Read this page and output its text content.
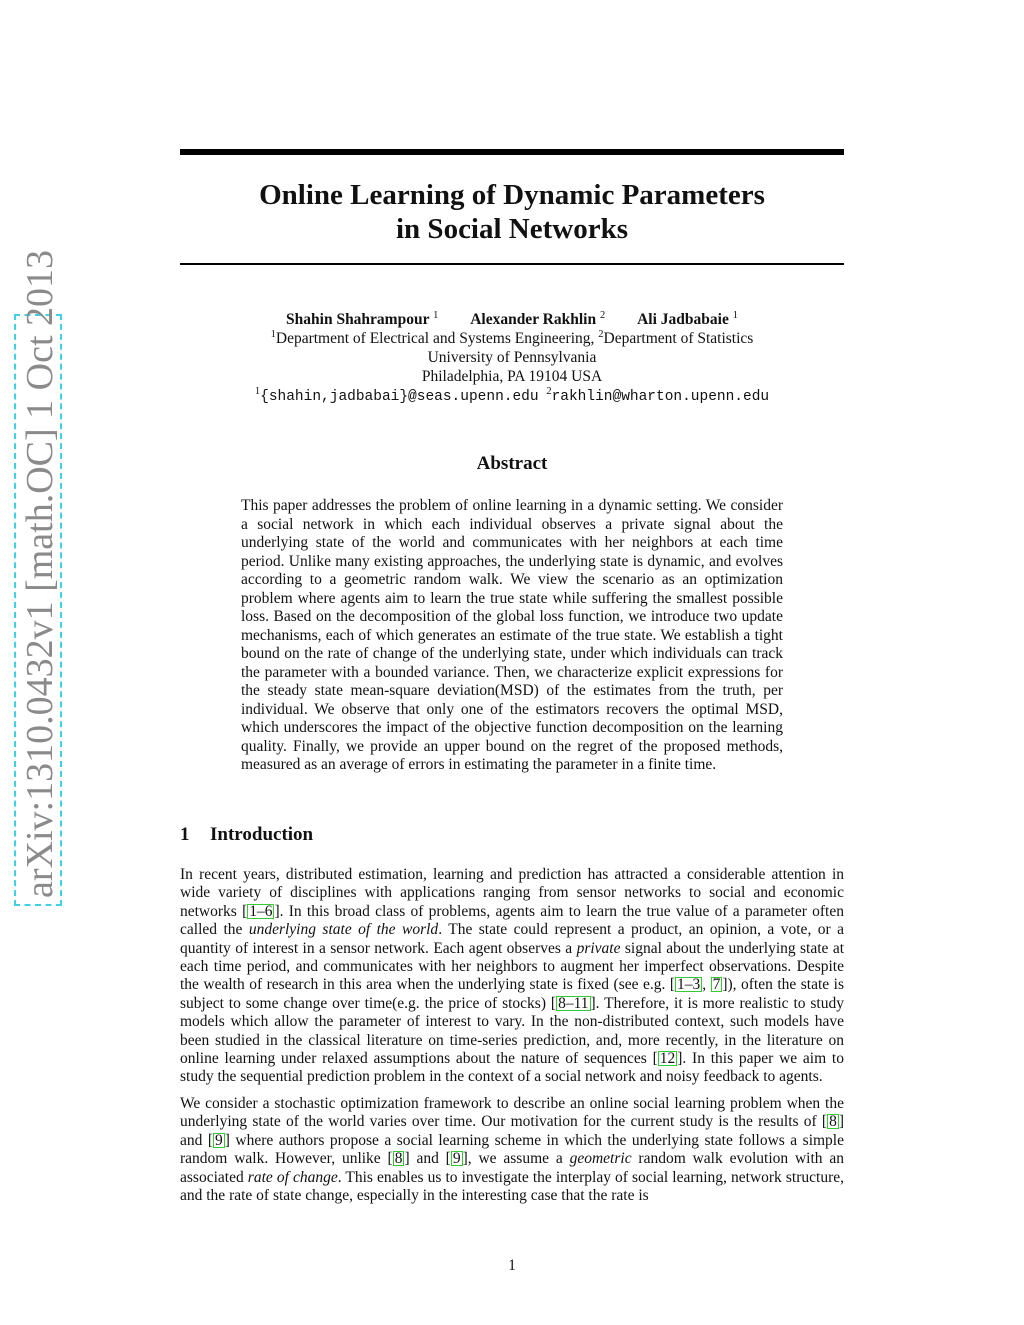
arXiv:1310.0432v1 [math.OC] 1 Oct 2013
Online Learning of Dynamic Parameters
in Social Networks
Shahin Shahrampour $^1$ Alexander Rakhlin $^2$ Ali Jadbabaie $^1$
$^1$Department of Electrical and Systems Engineering, $^2$Department of Statistics
University of Pennsylvania
Philadelphia, PA 19104 USA
$^1${shahin,jadbabai}@seas.upenn.edu $^2$rakhlin@wharton.upenn.edu
Abstract

This paper addresses the problem of online learning in a dynamic setting. We consider a social network in which each individual observes a private signal about the underlying state of the world and communicates with her neighbors at each time period. Unlike many existing approaches, the underlying state is dynamic, and evolves according to a geometric random walk. We view the scenario as an optimization problem where agents aim to learn the true state while suffering the smallest possible loss. Based on the decomposition of the global loss function, we introduce two update mechanisms, each of which generates an estimate of the true state. We establish a tight bound on the rate of change of the underlying state, under which individuals can track the parameter with a bounded variance. Then, we characterize explicit expressions for the steady state mean-square deviation(MSD) of the estimates from the truth, per individual. We observe that only one of the estimators recovers the optimal MSD, which underscores the impact of the objective function decomposition on the learning quality. Finally, we provide an upper bound on the regret of the proposed methods, measured as an average of errors in estimating the parameter in a finite time.

1 Introduction

In recent years, distributed estimation, learning and prediction has attracted a considerable attention in wide variety of disciplines with applications ranging from sensor networks to social and economic networks [ 1–6 ]. In this broad class of problems, agents aim to learn the true value of a parameter often called the underlying state of the world. The state could represent a product, an opinion, a vote, or a quantity of interest in a sensor network. Each agent observes a private signal about the underlying state at each time period, and communicates with her neighbors to augment her imperfect observations. Despite the wealth of research in this area when the underlying state is fixed (see e.g. [ 1–3 , 7 ]), often the state is subject to some change over time(e.g. the price of stocks) [ 8–11 ]. Therefore, it is more realistic to study models which allow the parameter of interest to vary. In the non-distributed context, such models have been studied in the classical literature on time-series prediction, and, more recently, in the literature on online learning under relaxed assumptions about the nature of sequences [ 12 ]. In this paper we aim to study the sequential prediction problem in the context of a social network and noisy feedback to agents.

We consider a stochastic optimization framework to describe an online social learning problem when the underlying state of the world varies over time. Our motivation for the current study is the results of [ 8 ] and [ 9 ] where authors propose a social learning scheme in which the underlying state follows a simple random walk. However, unlike [ 8 ] and [ 9 ], we assume a geometric random walk evolution with an associated rate of change. This enables us to investigate the interplay of social learning, network structure, and the rate of state change, especially in the interesting case that the rate is

1
